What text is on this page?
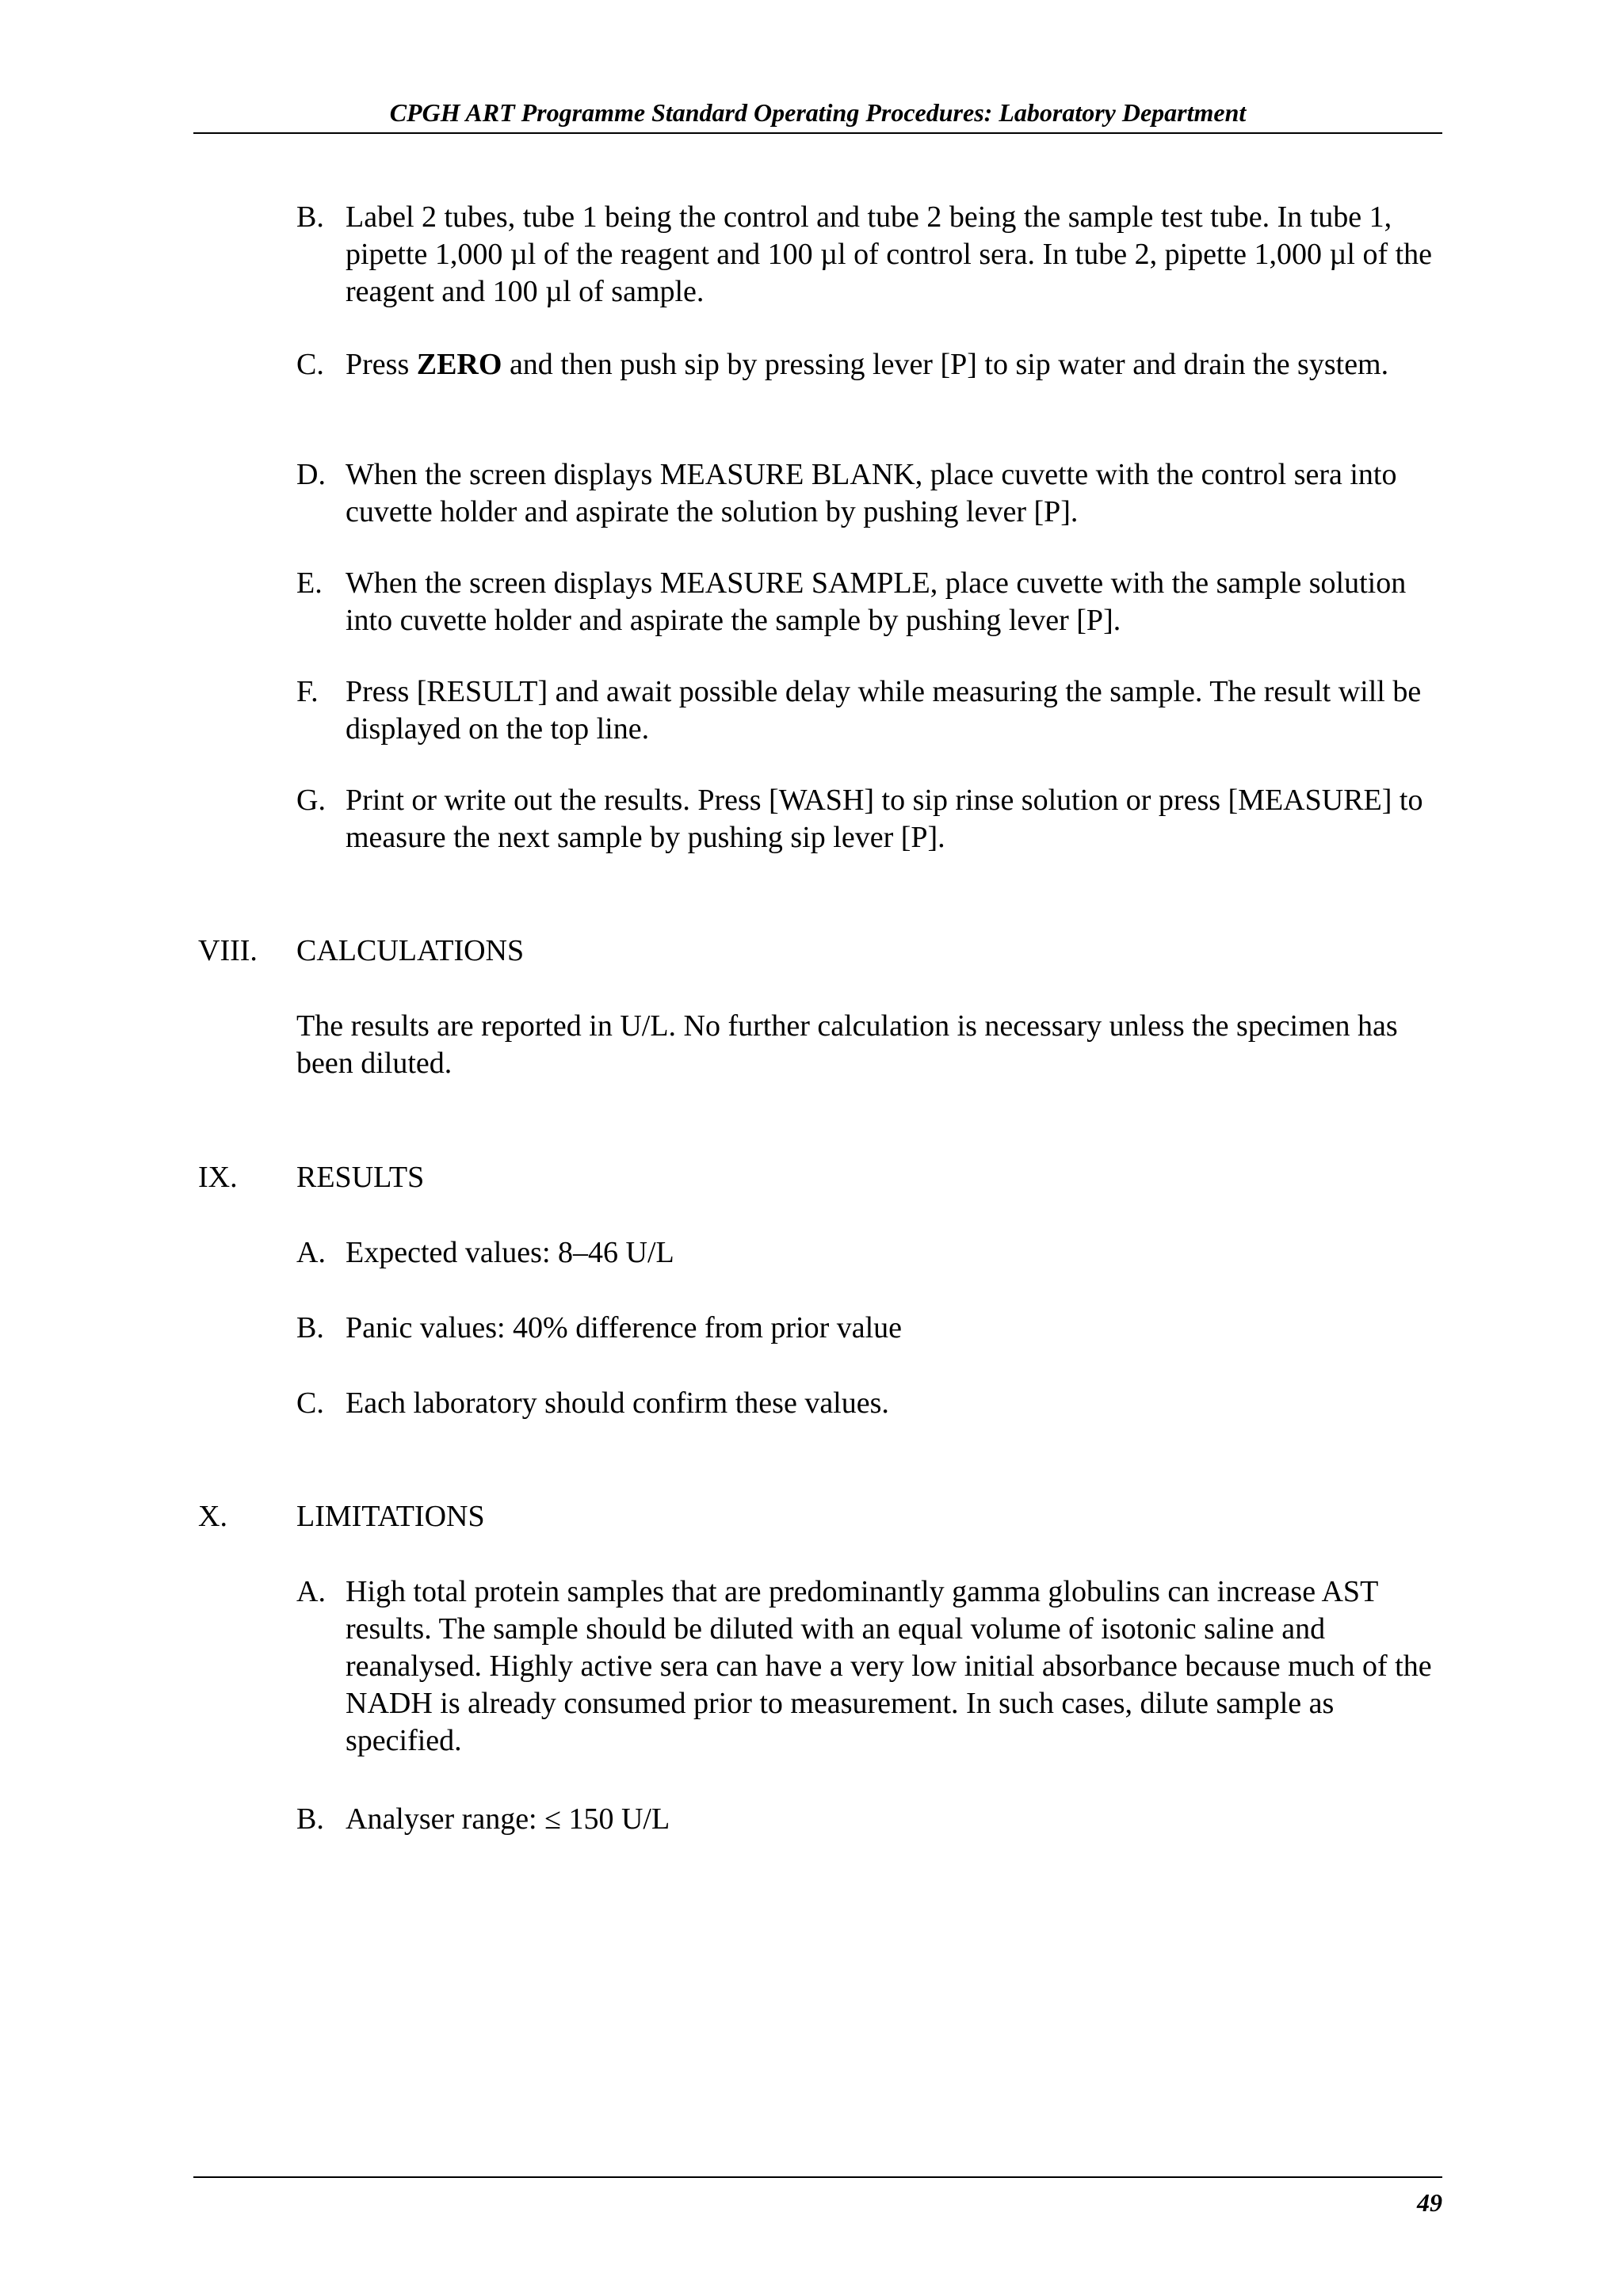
CPGH ART Programme Standard Operating Procedures: Laboratory Department
B. Label 2 tubes, tube 1 being the control and tube 2 being the sample test tube. In tube 1, pipette 1,000 µl of the reagent and 100 µl of control sera. In tube 2, pipette 1,000 µl of the reagent and 100 µl of sample.
C. Press ZERO and then push sip by pressing lever [P] to sip water and drain the system.
D. When the screen displays MEASURE BLANK, place cuvette with the control sera into cuvette holder and aspirate the solution by pushing lever [P].
E. When the screen displays MEASURE SAMPLE, place cuvette with the sample solution into cuvette holder and aspirate the sample by pushing lever [P].
F. Press [RESULT] and await possible delay while measuring the sample. The result will be displayed on the top line.
G. Print or write out the results. Press [WASH] to sip rinse solution or press [MEASURE] to measure the next sample by pushing sip lever [P].
VIII. CALCULATIONS
The results are reported in U/L. No further calculation is necessary unless the specimen has been diluted.
IX. RESULTS
A. Expected values: 8–46 U/L
B. Panic values: 40% difference from prior value
C. Each laboratory should confirm these values.
X. LIMITATIONS
A. High total protein samples that are predominantly gamma globulins can increase AST results. The sample should be diluted with an equal volume of isotonic saline and reanalysed. Highly active sera can have a very low initial absorbance because much of the NADH is already consumed prior to measurement. In such cases, dilute sample as specified.
B. Analyser range: ≤ 150 U/L
49
